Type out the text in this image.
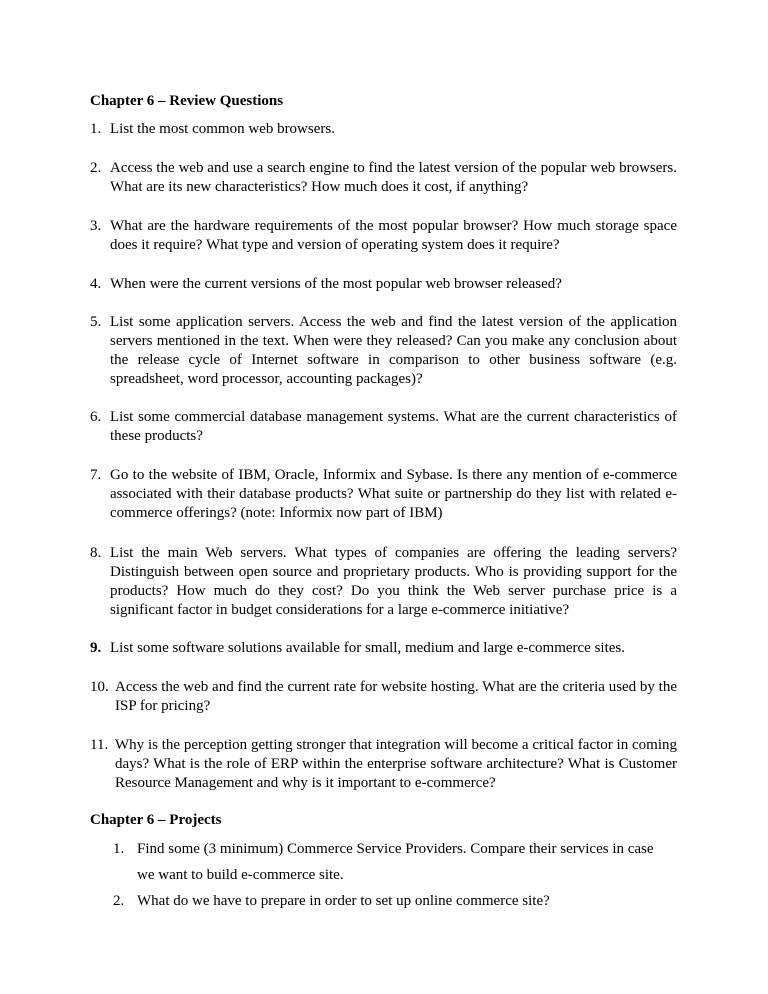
Chapter 6 – Review Questions
1. List the most common web browsers.
2. Access the web and use a search engine to find the latest version of the popular web browsers. What are its new characteristics? How much does it cost, if anything?
3. What are the hardware requirements of the most popular browser? How much storage space does it require? What type and version of operating system does it require?
4. When were the current versions of the most popular web browser released?
5. List some application servers. Access the web and find the latest version of the application servers mentioned in the text. When were they released? Can you make any conclusion about the release cycle of Internet software in comparison to other business software (e.g. spreadsheet, word processor, accounting packages)?
6. List some commercial database management systems. What are the current characteristics of these products?
7. Go to the website of IBM, Oracle, Informix and Sybase. Is there any mention of e-commerce associated with their database products? What suite or partnership do they list with related e-commerce offerings? (note: Informix now part of IBM)
8. List the main Web servers. What types of companies are offering the leading servers? Distinguish between open source and proprietary products. Who is providing support for the products? How much do they cost? Do you think the Web server purchase price is a significant factor in budget considerations for a large e-commerce initiative?
9. List some software solutions available for small, medium and large e-commerce sites.
10. Access the web and find the current rate for website hosting. What are the criteria used by the ISP for pricing?
11. Why is the perception getting stronger that integration will become a critical factor in coming days? What is the role of ERP within the enterprise software architecture? What is Customer Resource Management and why is it important to e-commerce?
Chapter 6 – Projects
1. Find some (3 minimum) Commerce Service Providers. Compare their services in case we want to build e-commerce site.
2. What do we have to prepare in order to set up online commerce site?
